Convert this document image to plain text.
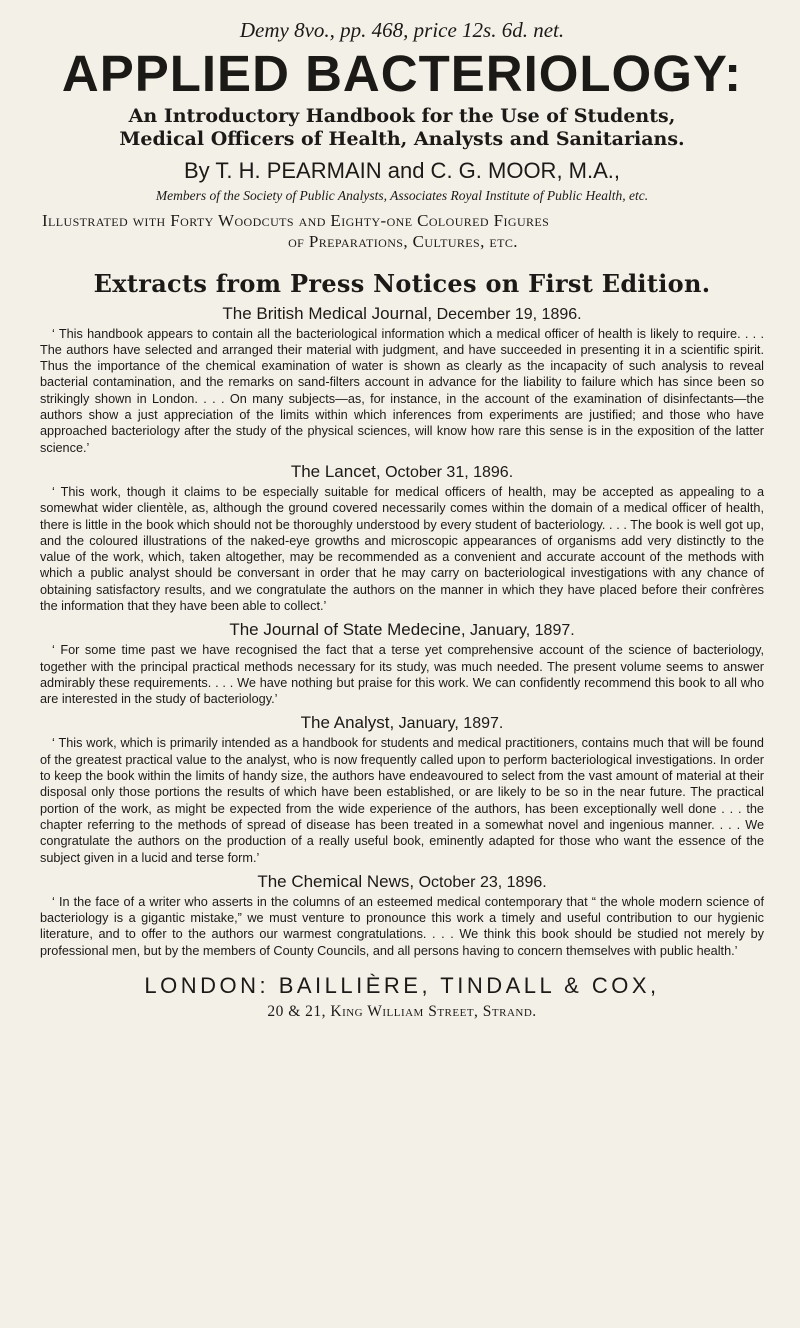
Demy 8vo., pp. 468, price 12s. 6d. net.
APPLIED BACTERIOLOGY:
An Introductory Handbook for the Use of Students, Medical Officers of Health, Analysts and Sanitarians.
By T. H. PEARMAIN and C. G. MOOR, M.A.,
Members of the Society of Public Analysts, Associates Royal Institute of Public Health, etc.
Illustrated with Forty Woodcuts and Eighty-one Coloured Figures
of Preparations, Cultures, etc.
Extracts from Press Notices on First Edition.
The British Medical Journal, December 19, 1896.

‘ This handbook appears to contain all the bacteriological information which a medical officer of health is likely to require. . . . The authors have selected and arranged their material with judgment, and have succeeded in presenting it in a scientific spirit. Thus the importance of the chemical examination of water is shown as clearly as the incapacity of such analysis to reveal bacterial contamination, and the remarks on sand-filters account in advance for the liability to failure which has since been so strikingly shown in London. . . . On many subjects—as, for instance, in the account of the examination of disinfectants—the authors show a just appreciation of the limits within which inferences from experiments are justified; and those who have approached bacteriology after the study of the physical sciences, will know how rare this sense is in the exposition of the latter science.’

The Lancet, October 31, 1896.

‘ This work, though it claims to be especially suitable for medical officers of health, may be accepted as appealing to a somewhat wider clientèle, as, although the ground covered necessarily comes within the domain of a medical officer of health, there is little in the book which should not be thoroughly understood by every student of bacteriology. . . . The book is well got up, and the coloured illustrations of the naked-eye growths and microscopic appearances of organisms add very distinctly to the value of the work, which, taken altogether, may be recommended as a convenient and accurate account of the methods with which a public analyst should be conversant in order that he may carry on bacteriological investigations with any chance of obtaining satisfactory results, and we congratulate the authors on the manner in which they have placed before their confrères the information that they have been able to collect.’

The Journal of State Medecine, January, 1897.

‘ For some time past we have recognised the fact that a terse yet comprehensive account of the science of bacteriology, together with the principal practical methods necessary for its study, was much needed. The present volume seems to answer admirably these requirements. . . . We have nothing but praise for this work. We can confidently recommend this book to all who are interested in the study of bacteriology.’

The Analyst, January, 1897.

‘ This work, which is primarily intended as a handbook for students and medical practitioners, contains much that will be found of the greatest practical value to the analyst, who is now frequently called upon to perform bacteriological investigations. In order to keep the book within the limits of handy size, the authors have endeavoured to select from the vast amount of material at their disposal only those portions the results of which have been established, or are likely to be so in the near future. The practical portion of the work, as might be expected from the wide experience of the authors, has been exceptionally well done . . . the chapter referring to the methods of spread of disease has been treated in a somewhat novel and ingenious manner. . . . We congratulate the authors on the production of a really useful book, eminently adapted for those who want the essence of the subject given in a lucid and terse form.’

The Chemical News, October 23, 1896.

‘ In the face of a writer who asserts in the columns of an esteemed medical contemporary that “ the whole modern science of bacteriology is a gigantic mistake,” we must venture to pronounce this work a timely and useful contribution to our hygienic literature, and to offer to the authors our warmest congratulations. . . . We think this book should be studied not merely by professional men, but by the members of County Councils, and all persons having to concern themselves with public health.’

LONDON: BAILLIÈRE, TINDALL & COX,
20 & 21, King William Street, Strand.
